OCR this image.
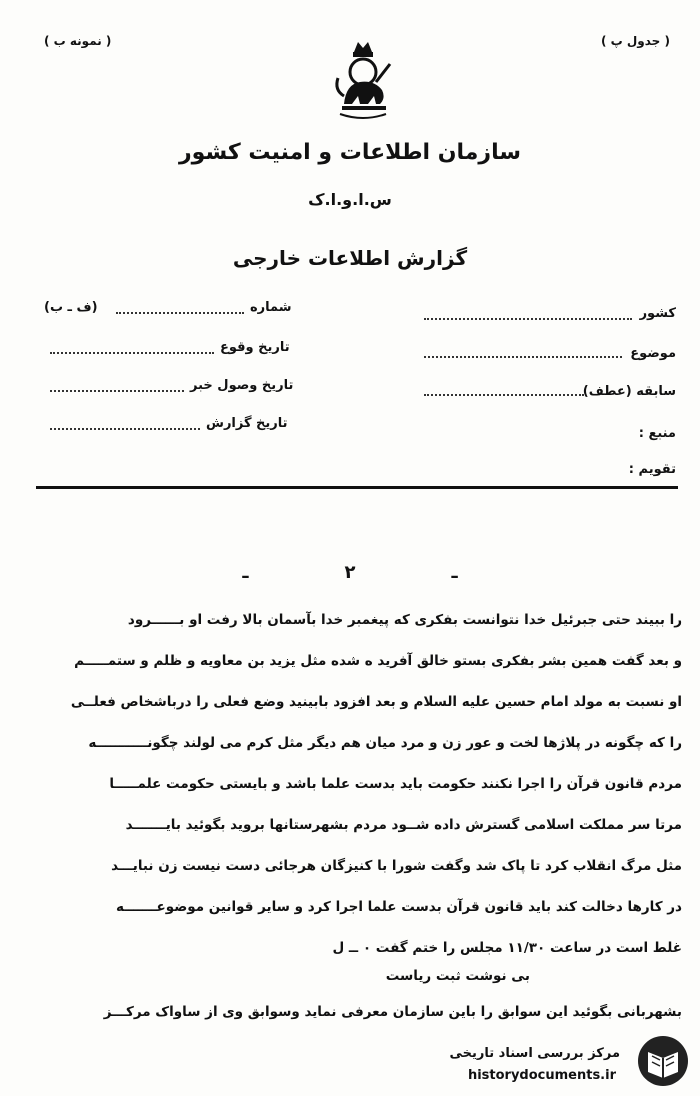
( نمونه ب )	( جدول پ )
سازمان اطلاعات و امنیت کشور
س.ا.و.ا.ک
گزارش اطلاعات خارجی
کشور
موضوع
سابقه (عطف)
منبع :
تقویم :
شماره
(ف ـ ب)
تاریخ وقوع
تاریخ وصول خبر
تاریخ گزارش
ـ	۲	ـ
را ببیند حتی جبرئیل خدا نتوانست بفکری که پیغمبر خدا بآسمان بالا رفت او بــــــرود
و بعد گفت همین بشر بفکری بستو خالق آفرید ه شده مثل یزید بن معاویه و ظلم و ستمـــــم
او نسبت به مولد امام حسین علیه السلام و بعد افزود بابینید وضع فعلی را درباشخاص فعلــی
را که چگونه در پلاژها لخت و عور زن و مرد میان هم دیگر مثل کرم می لولند چگونـــــــــــه
مردم قانون قرآن را اجرا نکنند حکومت باید بدست علما باشد و بایستی حکومت علمـــــا
مرتا سر مملکت اسلامی گسترش داده شــود مردم بشهرستانها بروید بگوئید بایـــــــد
مثل مرگ انقلاب کرد تا پاک شد وگفت شورا با کنیزگان هرجائی دست نیست زن نبایـــد
در کارها دخالت کند باید قانون قرآن بدست علما اجرا کرد و سایر قوانین موضوعـــــــه
غلط است در ساعت ۱۱/۳۰ مجلس را ختم گفت ۰ ــ ل
بی نوشت ثبت ریاست
بشهربانی بگوئید این سوابق را باین سازمان معرفی نماید وسوابق وی از ساواک مرکـــز
مرکز بررسی اسناد تاریخی
historydocuments.ir
